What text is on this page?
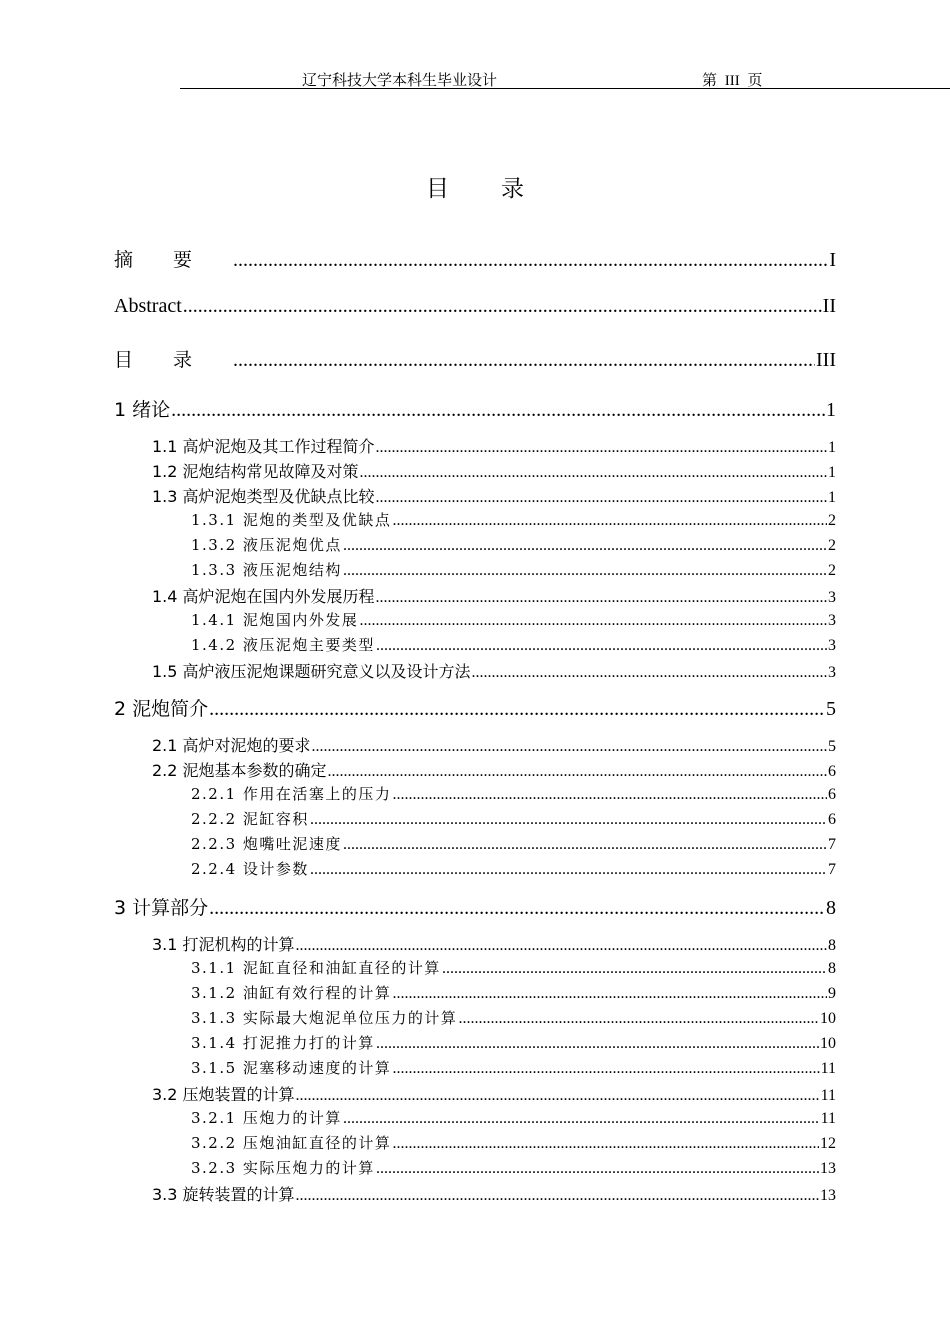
辽宁科技大学本科生毕业设计	第 III 页
目录
摘要 .....	I
Abstract .....	II
目录 .....	III
1 绪论 .....	1
1.1 高炉泥炮及其工作过程简介 .....	1
1.2 泥炮结构常见故障及对策 .....	1
1.3 高炉泥炮类型及优缺点比较 .....	1
1.3.1 泥炮的类型及优缺点 .....	2
1.3.2 液压泥炮优点 .....	2
1.3.3 液压泥炮结构 .....	2
1.4 高炉泥炮在国内外发展历程 .....	3
1.4.1 泥炮国内外发展 .....	3
1.4.2 液压泥炮主要类型 .....	3
1.5 高炉液压泥炮课题研究意义以及设计方法 .....	3
2 泥炮简介 .....	5
2.1 高炉对泥炮的要求 .....	5
2.2 泥炮基本参数的确定 .....	6
2.2.1 作用在活塞上的压力 .....	6
2.2.2 泥缸容积 .....	6
2.2.3 炮嘴吐泥速度 .....	7
2.2.4 设计参数 .....	7
3 计算部分 .....	8
3.1 打泥机构的计算 .....	8
3.1.1 泥缸直径和油缸直径的计算 .....	8
3.1.2 油缸有效行程的计算 .....	9
3.1.3 实际最大炮泥单位压力的计算 .....	10
3.1.4 打泥推力打的计算 .....	10
3.1.5 泥塞移动速度的计算 .....	11
3.2 压炮装置的计算 .....	11
3.2.1 压炮力的计算 .....	11
3.2.2 压炮油缸直径的计算 .....	12
3.2.3 实际压炮力的计算 .....	13
3.3 旋转装置的计算 .....	13
